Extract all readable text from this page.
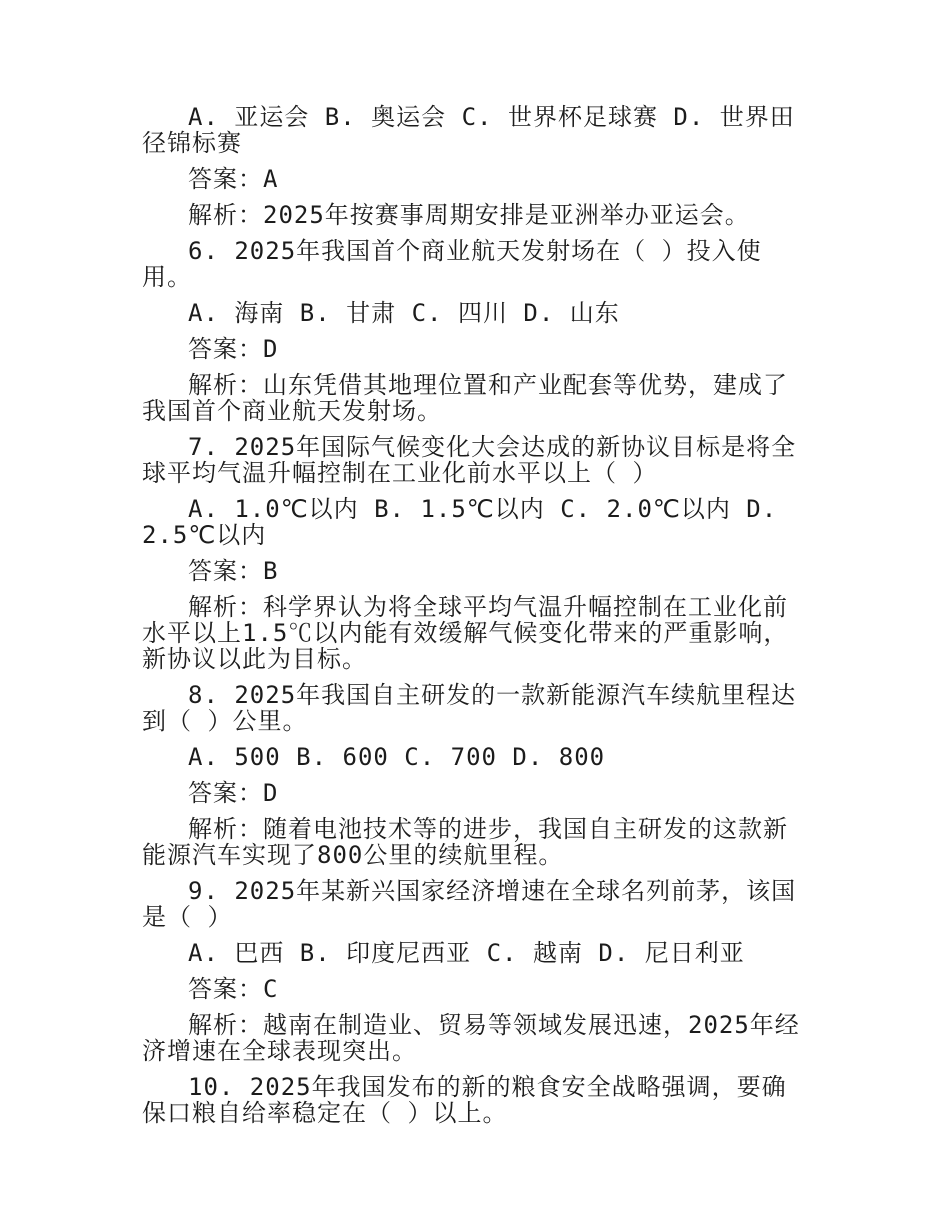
A. 亚运会 B. 奥运会 C. 世界杯足球赛 D. 世界田径锦标赛

答案：A

解析：2025年按赛事周期安排是亚洲举办亚运会。

6. 2025年我国首个商业航天发射场在（ ）投入使用。

A. 海南 B. 甘肃 C. 四川 D. 山东

答案：D

解析：山东凭借其地理位置和产业配套等优势，建成了我国首个商业航天发射场。

7. 2025年国际气候变化大会达成的新协议目标是将全球平均气温升幅控制在工业化前水平以上（ ）

A. 1.0℃以内 B. 1.5℃以内 C. 2.0℃以内 D. 2.5℃以内

答案：B

解析：科学界认为将全球平均气温升幅控制在工业化前水平以上1.5℃以内能有效缓解气候变化带来的严重影响，新协议以此为目标。

8. 2025年我国自主研发的一款新能源汽车续航里程达到（ ）公里。

A. 500 B. 600 C. 700 D. 800

答案：D

解析：随着电池技术等的进步，我国自主研发的这款新能源汽车实现了800公里的续航里程。

9. 2025年某新兴国家经济增速在全球名列前茅，该国是（ ）

A. 巴西 B. 印度尼西亚 C. 越南 D. 尼日利亚

答案：C

解析：越南在制造业、贸易等领域发展迅速，2025年经济增速在全球表现突出。

10. 2025年我国发布的新的粮食安全战略强调，要确保口粮自给率稳定在（ ）以上。
